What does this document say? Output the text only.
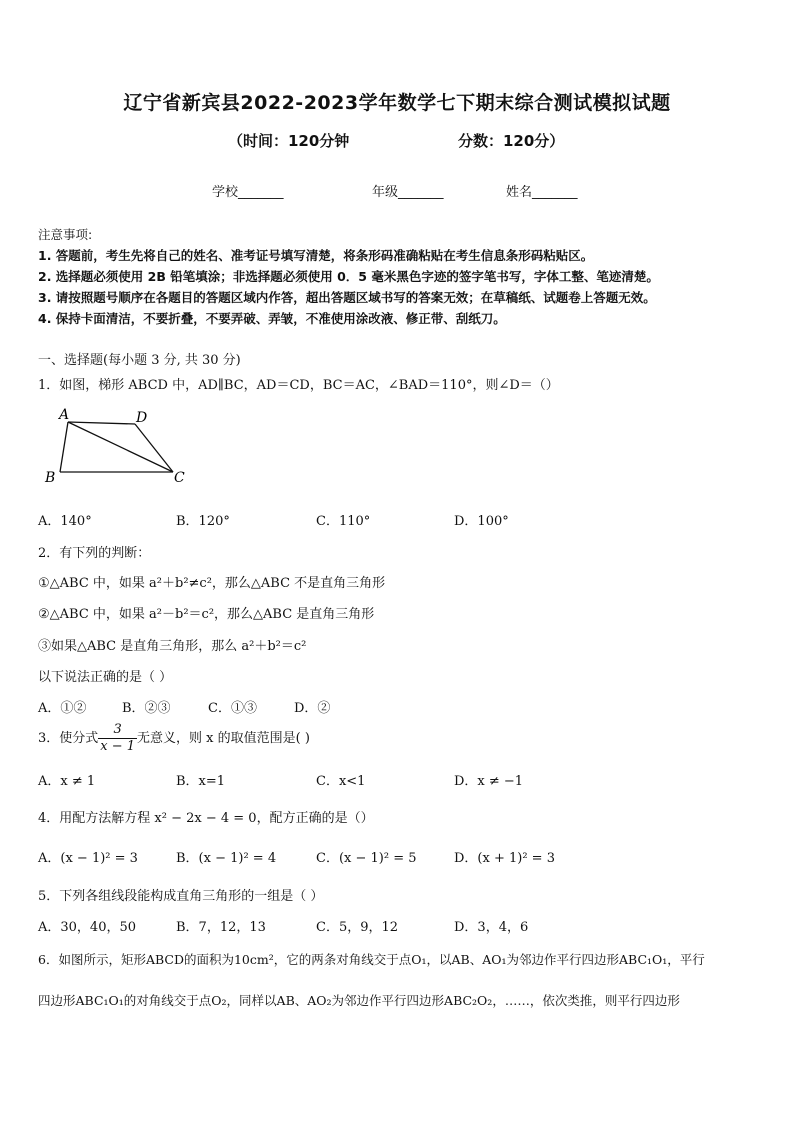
辽宁省新宾县2022-2023学年数学七下期末综合测试模拟试题
（时间：120分钟	分数：120分）
学校_______	年级_______	姓名_______
注意事项:
1. 答题前，考生先将自己的姓名、准考证号填写清楚，将条形码准确粘贴在考生信息条形码粘贴区。
2. 选择题必须使用 2B 铅笔填涂；非选择题必须使用 0．5 毫米黑色字迹的签字笔书写，字体工整、笔迹清楚。
3. 请按照题号顺序在各题目的答题区域内作答，超出答题区域书写的答案无效；在草稿纸、试题卷上答题无效。
4. 保持卡面清洁，不要折叠，不要弄破、弄皱，不准使用涂改液、修正带、刮纸刀。
一、选择题(每小题 3 分, 共 30 分)
1．如图，梯形 ABCD 中，AD∥BC，AD＝CD，BC＝AC，∠BAD＝110°，则∠D＝（）
A	D
B	C
A．140°	B．120°	C．110°	D．100°
2．有下列的判断：
①△ABC 中，如果 a²＋b²≠c²，那么△ABC 不是直角三角形
②△ABC 中，如果 a²－b²＝c²，那么△ABC 是直角三角形
③如果△ABC 是直角三角形，那么 a²＋b²＝c²
以下说法正确的是（ ）
A．①②	B．②③	C．①③	D．②
3．使分式 $\frac{3}{x - 1}$ 无意义，则 x 的取值范围是( )
A．x ≠ 1	B．x=1	C．x<1	D．x ≠ −1
4．用配方法解方程 x² − 2x − 4 = 0，配方正确的是（）
A．(x − 1)² = 3	B．(x − 1)² = 4	C．(x − 1)² = 5	D．(x + 1)² = 3
5．下列各组线段能构成直角三角形的一组是（ ）
A．30，40，50	B．7，12，13	C．5，9，12	D．3，4，6
6．如图所示，矩形ABCD的面积为10cm²，它的两条对角线交于点O₁，以AB、AO₁为邻边作平行四边形ABC₁O₁，平行
四边形ABC₁O₁的对角线交于点O₂，同样以AB、AO₂为邻边作平行四边形ABC₂O₂，……，依次类推，则平行四边形
